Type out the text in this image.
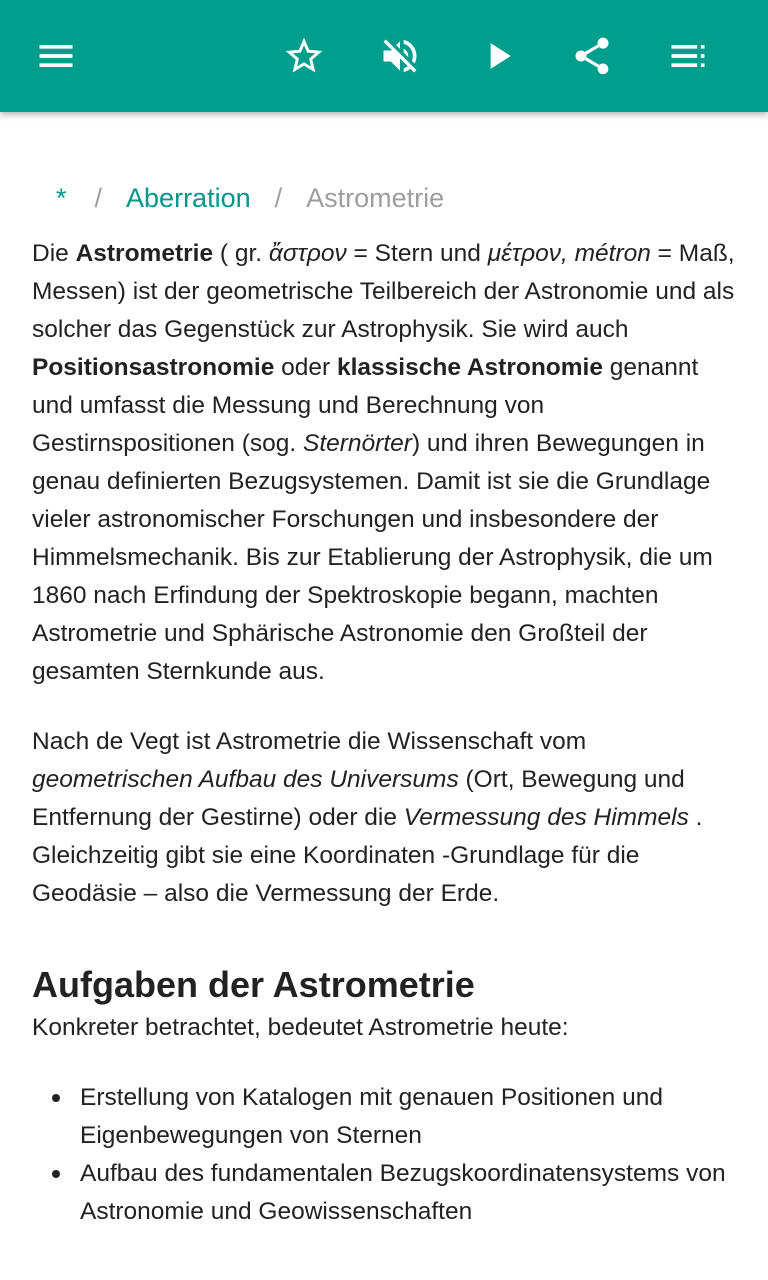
* / Aberration / Astrometrie

Die Astrometrie ( gr. ἄστρον = Stern und μέτρον, métron = Maß, Messen) ist der geometrische Teilbereich der Astronomie und als solcher das Gegenstück zur Astrophysik. Sie wird auch Positionsastronomie oder klassische Astronomie genannt und umfasst die Messung und Berechnung von Gestirnspositionen (sog. Sternörter) und ihren Bewegungen in genau definierten Bezugsystemen. Damit ist sie die Grundlage vieler astronomischer Forschungen und insbesondere der Himmelsmechanik. Bis zur Etablierung der Astrophysik, die um 1860 nach Erfindung der Spektroskopie begann, machten Astrometrie und Sphärische Astronomie den Großteil der gesamten Sternkunde aus.

Nach de Vegt ist Astrometrie die Wissenschaft vom geometrischen Aufbau des Universums (Ort, Bewegung und Entfernung der Gestirne) oder die Vermessung des Himmels . Gleichzeitig gibt sie eine Koordinaten -Grundlage für die Geodäsie – also die Vermessung der Erde.

Aufgaben der Astrometrie

Konkreter betrachtet, bedeutet Astrometrie heute:

Erstellung von Katalogen mit genauen Positionen und Eigenbewegungen von Sternen
Aufbau des fundamentalen Bezugskoordinatensystems von Astronomie und Geowissenschaften
